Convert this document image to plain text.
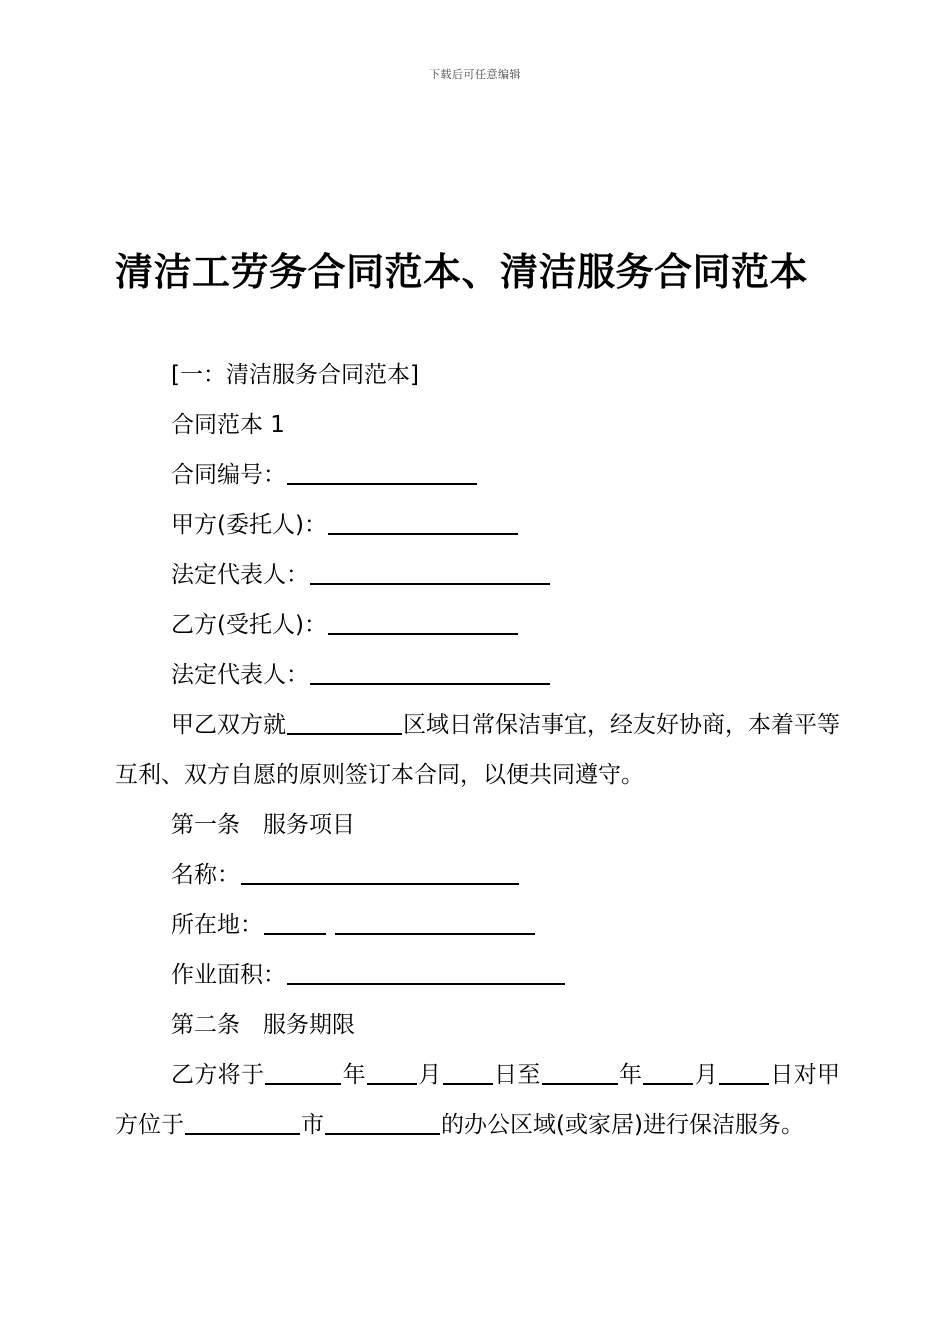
下载后可任意编辑
清洁工劳务合同范本、清洁服务合同范本

[一：清洁服务合同范本]

合同范本 1

合同编号：

甲方(委托人)：

法定代表人：

乙方(受托人)：

法定代表人：

甲乙双方就	区域日常保洁事宜，经友好协商，本着平等互利、双方自愿的原则签订本合同，以便共同遵守。

第一条　服务项目

名称：

所在地：

作业面积：

第二条　服务期限

乙方将于	年 月 日至	年 月 日对甲方位于	市	的办公区域(或家居)进行保洁服务。
